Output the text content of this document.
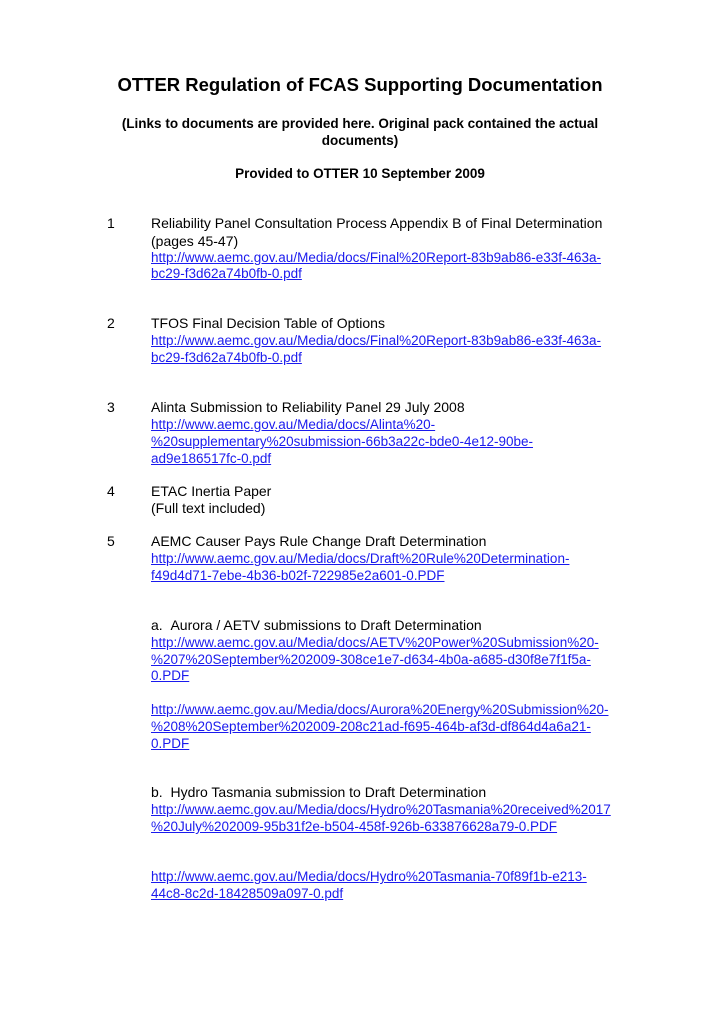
OTTER Regulation of FCAS Supporting Documentation
(Links to documents are provided here. Original pack contained the actual
documents)
Provided to OTTER 10 September 2009
1	Reliability Panel Consultation Process Appendix B of Final Determination
(pages 45-47)
http://www.aemc.gov.au/Media/docs/Final%20Report-83b9ab86-e33f-463a-
bc29-f3d62a74b0fb-0.pdf
2	TFOS Final Decision Table of Options
http://www.aemc.gov.au/Media/docs/Final%20Report-83b9ab86-e33f-463a-
bc29-f3d62a74b0fb-0.pdf
3	Alinta Submission to Reliability Panel 29 July 2008
http://www.aemc.gov.au/Media/docs/Alinta%20-
%20supplementary%20submission-66b3a22c-bde0-4e12-90be-
ad9e186517fc-0.pdf
4	ETAC Inertia Paper
(Full text included)
5	AEMC Causer Pays Rule Change Draft Determination
http://www.aemc.gov.au/Media/docs/Draft%20Rule%20Determination-
f49d4d71-7ebe-4b36-b02f-722985e2a601-0.PDF
a.  Aurora / AETV submissions to Draft Determination
http://www.aemc.gov.au/Media/docs/AETV%20Power%20Submission%20-
%207%20September%202009-308ce1e7-d634-4b0a-a685-d30f8e7f1f5a-
0.PDF
http://www.aemc.gov.au/Media/docs/Aurora%20Energy%20Submission%20-
%208%20September%202009-208c21ad-f695-464b-af3d-df864d4a6a21-
0.PDF
b.  Hydro Tasmania submission to Draft Determination
http://www.aemc.gov.au/Media/docs/Hydro%20Tasmania%20received%2017
%20July%202009-95b31f2e-b504-458f-926b-633876628a79-0.PDF
http://www.aemc.gov.au/Media/docs/Hydro%20Tasmania-70f89f1b-e213-
44c8-8c2d-18428509a097-0.pdf
